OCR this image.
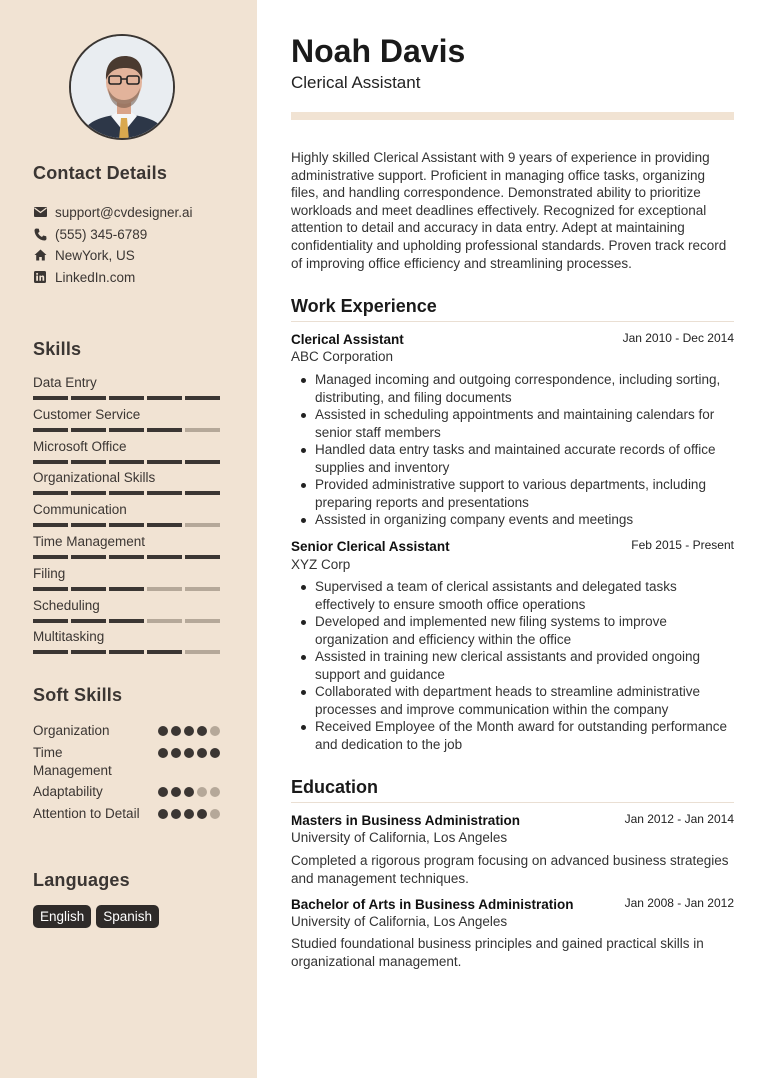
Contact Details
support@cvdesigner.ai
(555) 345-6789
NewYork, US
LinkedIn.com
Skills
Data Entry
Customer Service
Microsoft Office
Organizational Skills
Communication
Time Management
Filing
Scheduling
Multitasking
Soft Skills
Organization
Time Management
Adaptability
Attention to Detail
Languages
English	Spanish
Noah Davis
Clerical Assistant
Highly skilled Clerical Assistant with 9 years of experience in providing administrative support. Proficient in managing office tasks, organizing files, and handling correspondence. Demonstrated ability to prioritize workloads and meet deadlines effectively. Recognized for exceptional attention to detail and accuracy in data entry. Adept at maintaining confidentiality and upholding professional standards. Proven track record of improving office efficiency and streamlining processes.
Work Experience
Clerical Assistant	Jan 2010 - Dec 2014
ABC Corporation
Managed incoming and outgoing correspondence, including sorting, distributing, and filing documents
Assisted in scheduling appointments and maintaining calendars for senior staff members
Handled data entry tasks and maintained accurate records of office supplies and inventory
Provided administrative support to various departments, including preparing reports and presentations
Assisted in organizing company events and meetings
Senior Clerical Assistant	Feb 2015 - Present
XYZ Corp
Supervised a team of clerical assistants and delegated tasks effectively to ensure smooth office operations
Developed and implemented new filing systems to improve organization and efficiency within the office
Assisted in training new clerical assistants and provided ongoing support and guidance
Collaborated with department heads to streamline administrative processes and improve communication within the company
Received Employee of the Month award for outstanding performance and dedication to the job
Education
Masters in Business Administration	Jan 2012 - Jan 2014
University of California, Los Angeles
Completed a rigorous program focusing on advanced business strategies and management techniques.
Bachelor of Arts in Business Administration	Jan 2008 - Jan 2012
University of California, Los Angeles
Studied foundational business principles and gained practical skills in organizational management.
